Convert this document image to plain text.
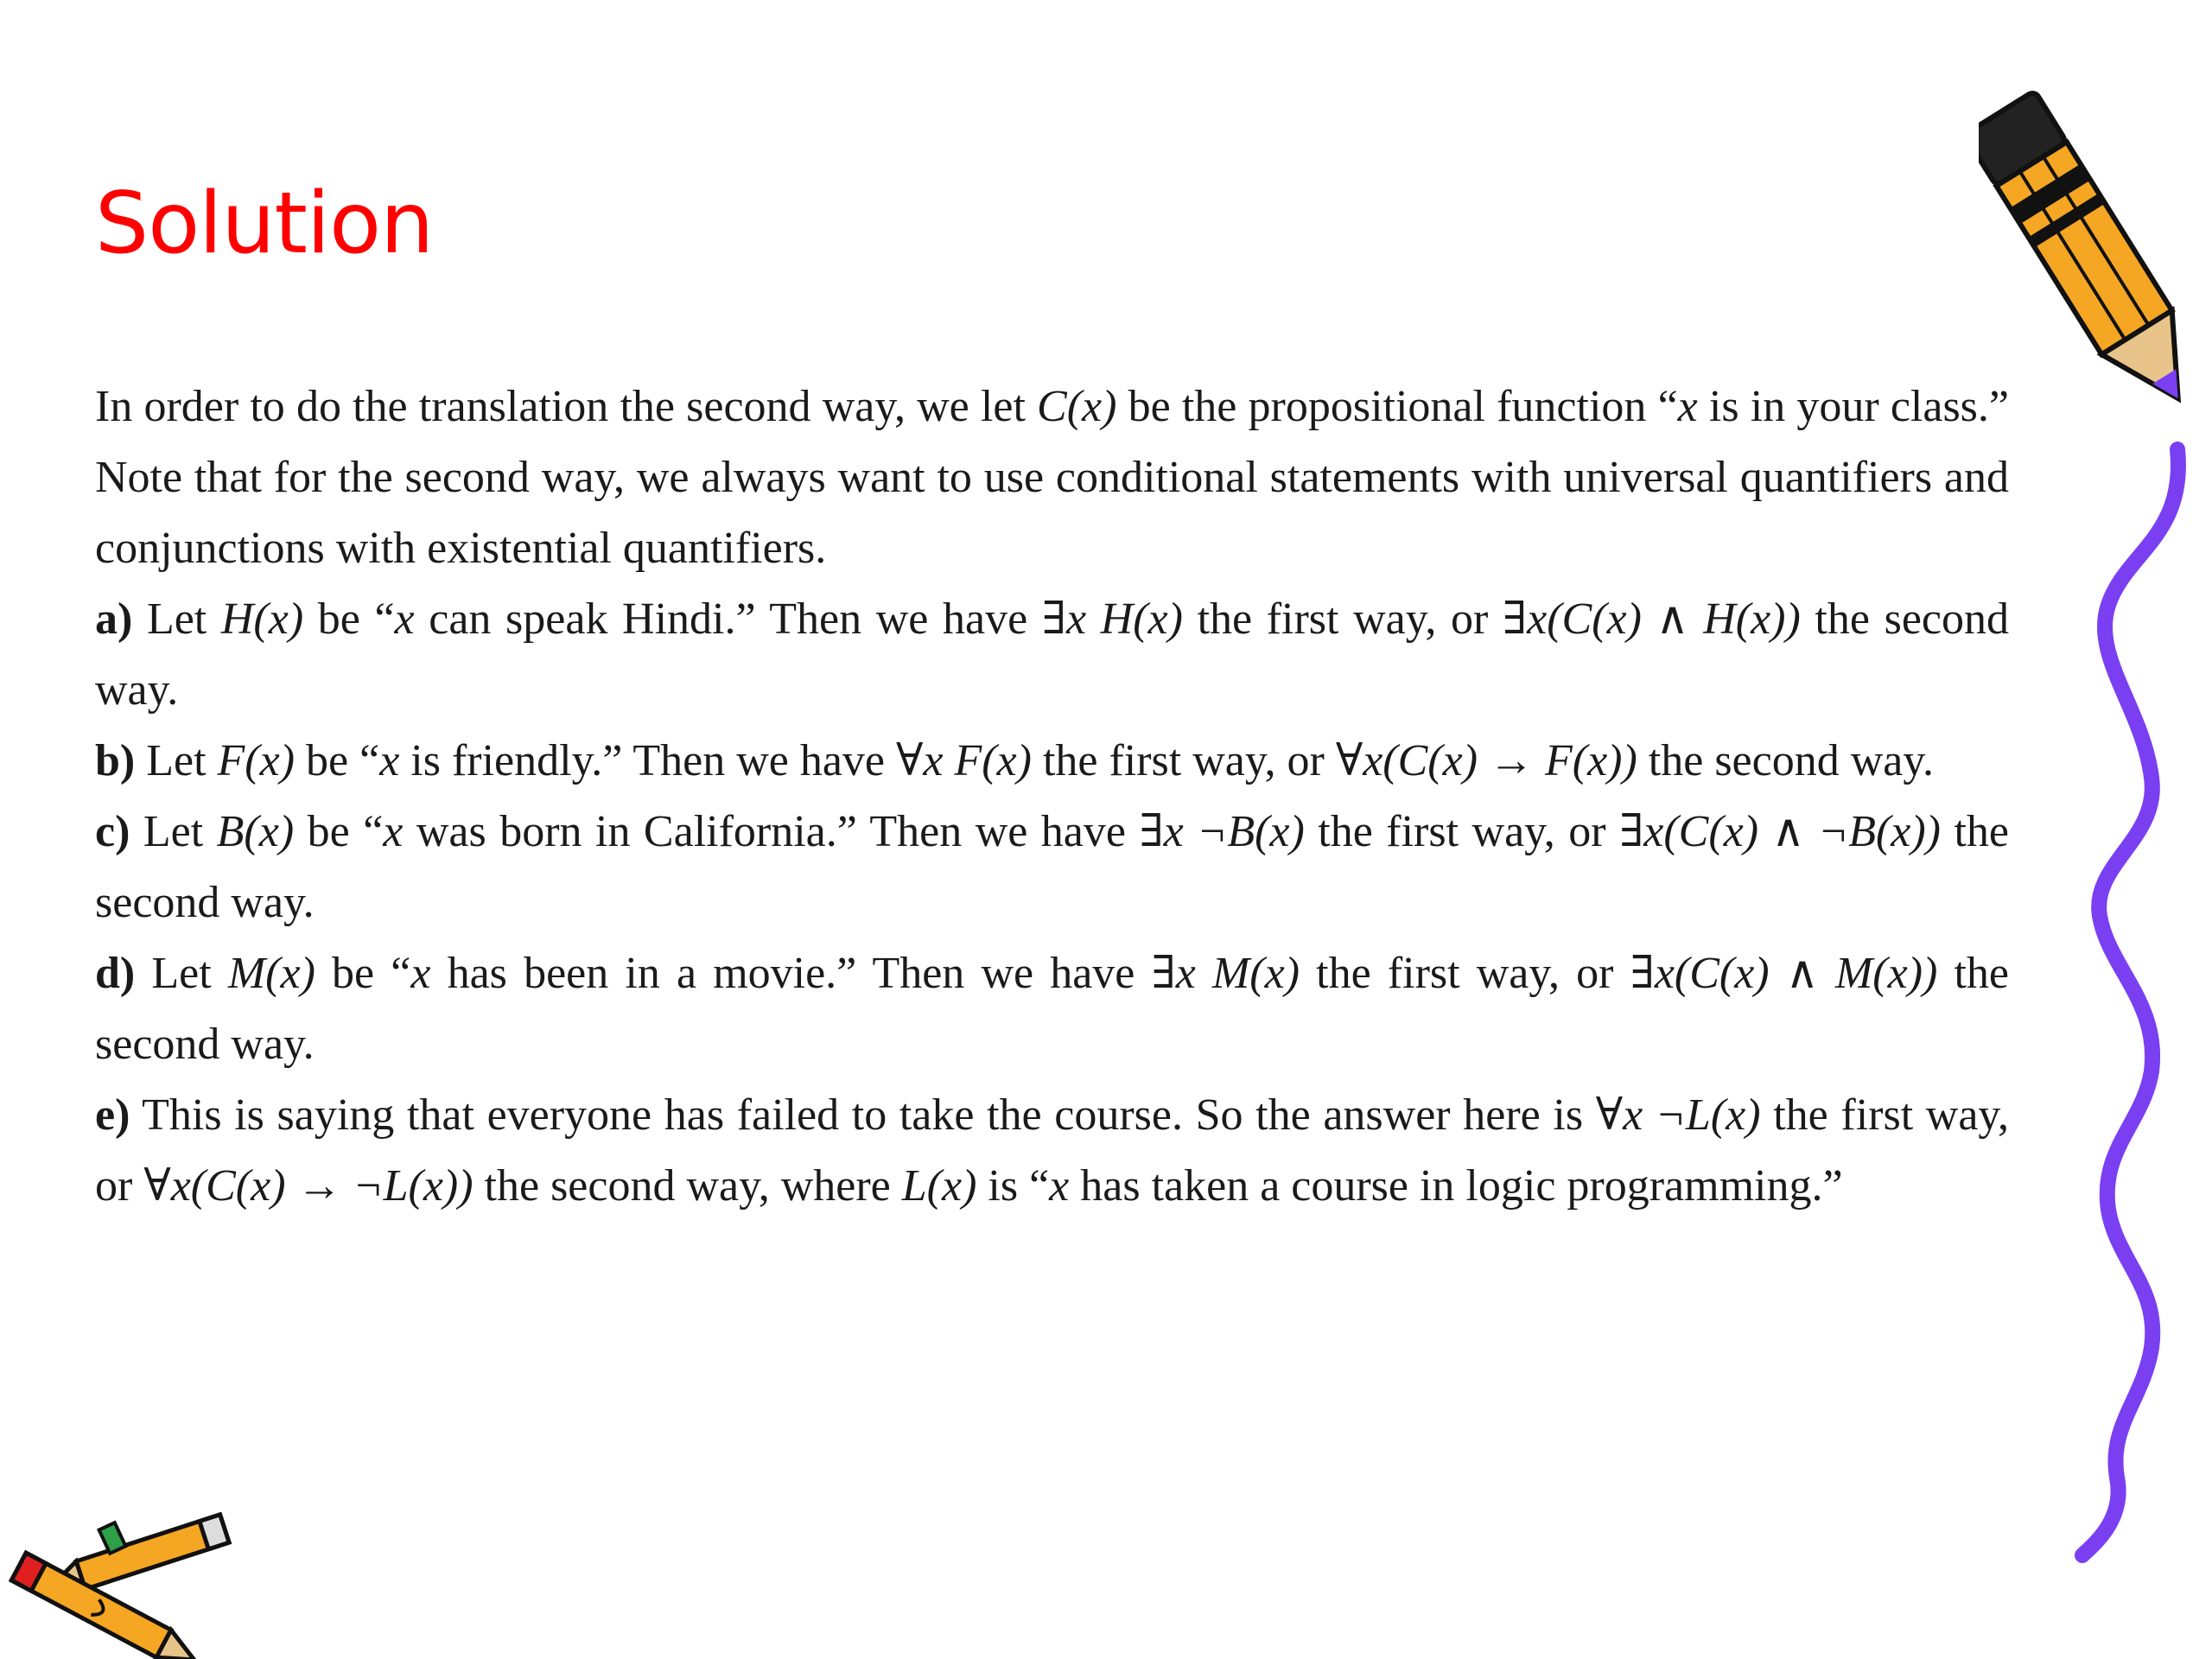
Solution

In order to do the translation the second way, we let C(x) be the propositional function “x is in your class.” Note that for the second way, we always want to use conditional statements with universal quantifiers and conjunctions with existential quantifiers.

a) Let H(x) be “x can speak Hindi.” Then we have ∃x H(x) the first way, or ∃x(C(x) ∧ H(x)) the second way.

b) Let F(x) be “x is friendly.” Then we have ∀x F(x) the first way, or ∀x(C(x) → F(x)) the second way.

c) Let B(x) be “x was born in California.” Then we have ∃x ¬B(x) the first way, or ∃x(C(x) ∧ ¬B(x)) the second way.

d) Let M(x) be “x has been in a movie.” Then we have ∃x M(x) the first way, or ∃x(C(x) ∧ M(x)) the second way.

e) This is saying that everyone has failed to take the course. So the answer here is ∀x ¬L(x) the first way, or ∀x(C(x) → ¬L(x)) the second way, where L(x) is “x has taken a course in logic programming.”
